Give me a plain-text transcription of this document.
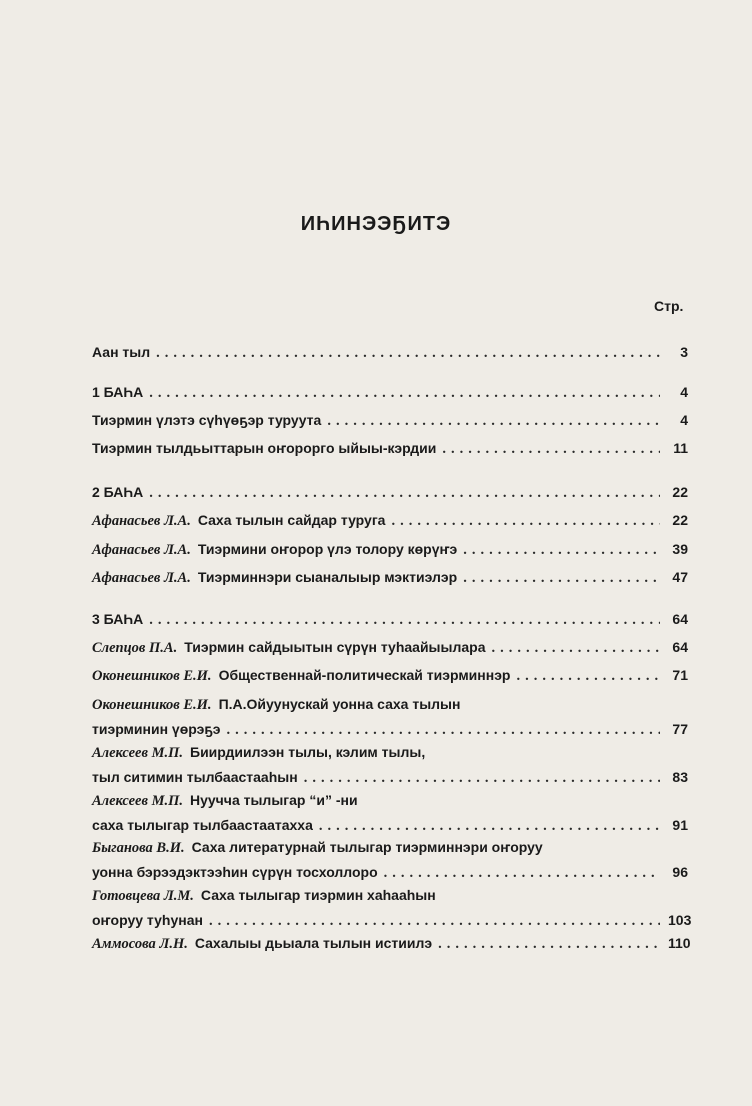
ИҺИНЭЭҔИТЭ
Стр.
Аан тыл .....	3
1 БАҺА .....	4
Тиэрмин үлэтэ сүһүөҕэр туруута .....	4
Тиэрмин тылдьыттарын оҥорорго ыйыы-кэрдии .....	11
2 БАҺА .....	22
Афанасьев Л.А. Саха тылын сайдар туруга .....	22
Афанасьев Л.А. Тиэрмини оҥорор үлэ толору көрүҥэ .....	39
Афанасьев Л.А. Тиэрминнэри сыаналыыр мэктиэлэр .....	47
3 БАҺА .....	64
Слепцов П.А. Тиэрмин сайдыытын сүрүн туһаайыылара .....	64
Оконешников Е.И. Общественнай-политическай тиэрминнэр .....	71
Оконешников Е.И. П.А.Ойуунускай уонна саха тылын
тиэрминин үөрэҕэ .....	77
Алексеев М.П. Биирдиилээн тылы, кэлим тылы,
тыл ситимин тылбаастааһын .....	83
Алексеев М.П. Нуучча тылыгар “и” -ни
саха тылыгар тылбаастаатахха .....	91
Быганова В.И. Саха литературнай тылыгар тиэрминнэри оҥоруу
уонна бэрээдэктээһин сүрүн тосхоллоро .....	96
Готовцева Л.М. Саха тылыгар тиэрмин хаһааһын
оҥоруу туһунан .....	103
Аммосова Л.Н. Сахалыы дьыала тылын истиилэ .....	110
